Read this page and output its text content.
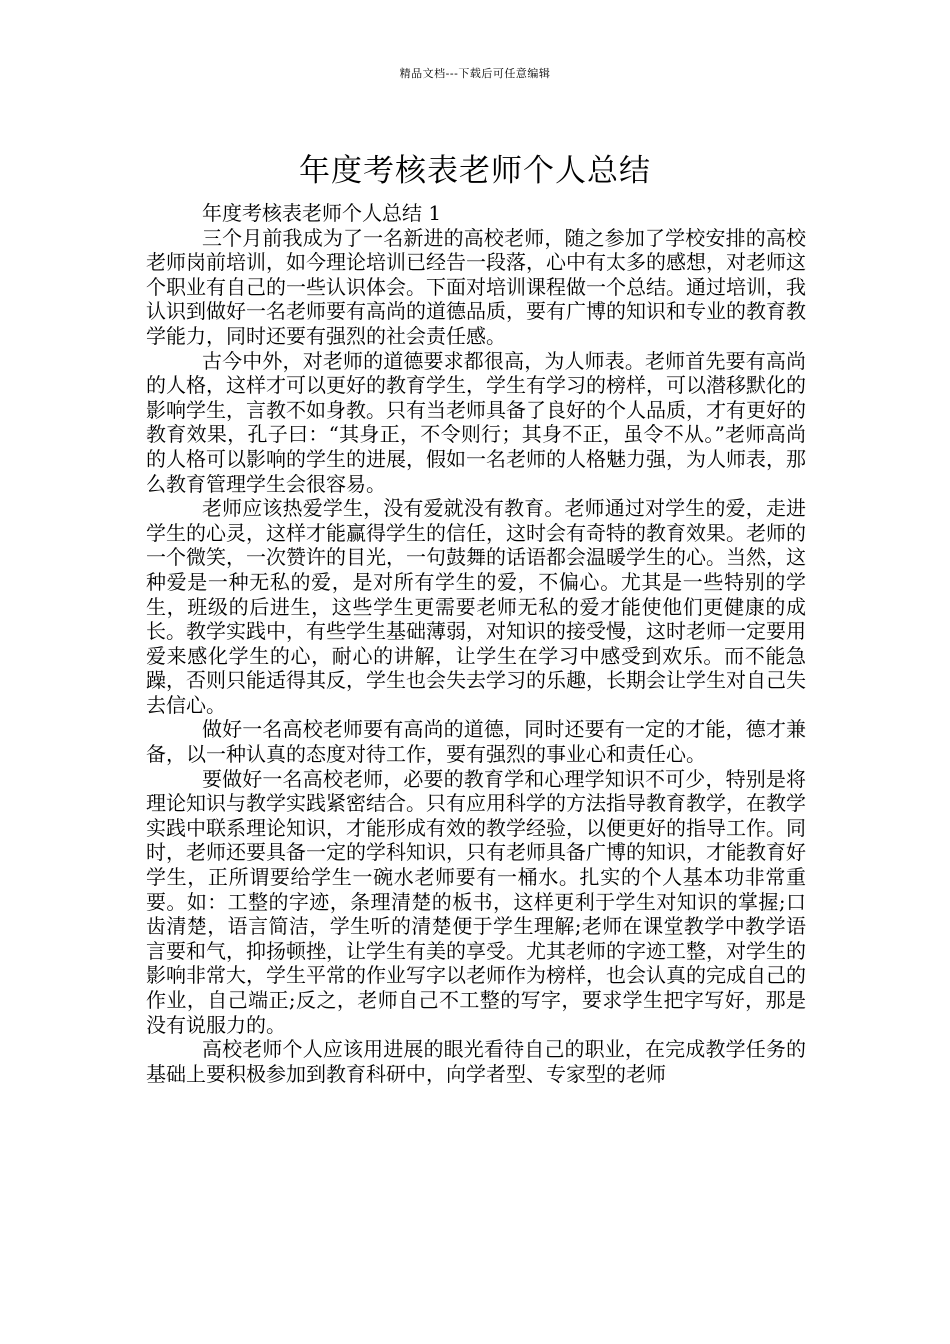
精品文档---下载后可任意编辑
年度考核表老师个人总结

年度考核表老师个人总结 1

三个月前我成为了一名新进的高校老师，随之参加了学校安排的高校老师岗前培训，如今理论培训已经告一段落，心中有太多的感想，对老师这个职业有自己的一些认识体会。下面对培训课程做一个总结。通过培训，我认识到做好一名老师要有高尚的道德品质，要有广博的知识和专业的教育教学能力，同时还要有强烈的社会责任感。

古今中外，对老师的道德要求都很高，为人师表。老师首先要有高尚的人格，这样才可以更好的教育学生，学生有学习的榜样，可以潜移默化的影响学生，言教不如身教。只有当老师具备了良好的个人品质，才有更好的教育效果，孔子曰：“其身正，不令则行；其身不正，虽令不从。”老师高尚的人格可以影响的学生的进展，假如一名老师的人格魅力强，为人师表，那么教育管理学生会很容易。

老师应该热爱学生，没有爱就没有教育。老师通过对学生的爱，走进学生的心灵，这样才能赢得学生的信任，这时会有奇特的教育效果。老师的一个微笑，一次赞许的目光，一句鼓舞的话语都会温暖学生的心。当然，这种爱是一种无私的爱，是对所有学生的爱，不偏心。尤其是一些特别的学生，班级的后进生，这些学生更需要老师无私的爱才能使他们更健康的成长。教学实践中，有些学生基础薄弱，对知识的接受慢，这时老师一定要用爱来感化学生的心，耐心的讲解，让学生在学习中感受到欢乐。而不能急躁，否则只能适得其反，学生也会失去学习的乐趣，长期会让学生对自己失去信心。

做好一名高校老师要有高尚的道德，同时还要有一定的才能，德才兼备，以一种认真的态度对待工作，要有强烈的事业心和责任心。

要做好一名高校老师，必要的教育学和心理学知识不可少，特别是将理论知识与教学实践紧密结合。只有应用科学的方法指导教育教学，在教学实践中联系理论知识，才能形成有效的教学经验，以便更好的指导工作。同时，老师还要具备一定的学科知识，只有老师具备广博的知识，才能教育好学生，正所谓要给学生一碗水老师要有一桶水。扎实的个人基本功非常重要。如：工整的字迹，条理清楚的板书，这样更利于学生对知识的掌握;口齿清楚，语言简洁，学生听的清楚便于学生理解;老师在课堂教学中教学语言要和气，抑扬顿挫，让学生有美的享受。尤其老师的字迹工整，对学生的影响非常大，学生平常的作业写字以老师作为榜样，也会认真的完成自己的作业，自己端正;反之，老师自己不工整的写字，要求学生把字写好，那是没有说服力的。

高校老师个人应该用进展的眼光看待自己的职业，在完成教学任务的基础上要积极参加到教育科研中，向学者型、专家型的老师
